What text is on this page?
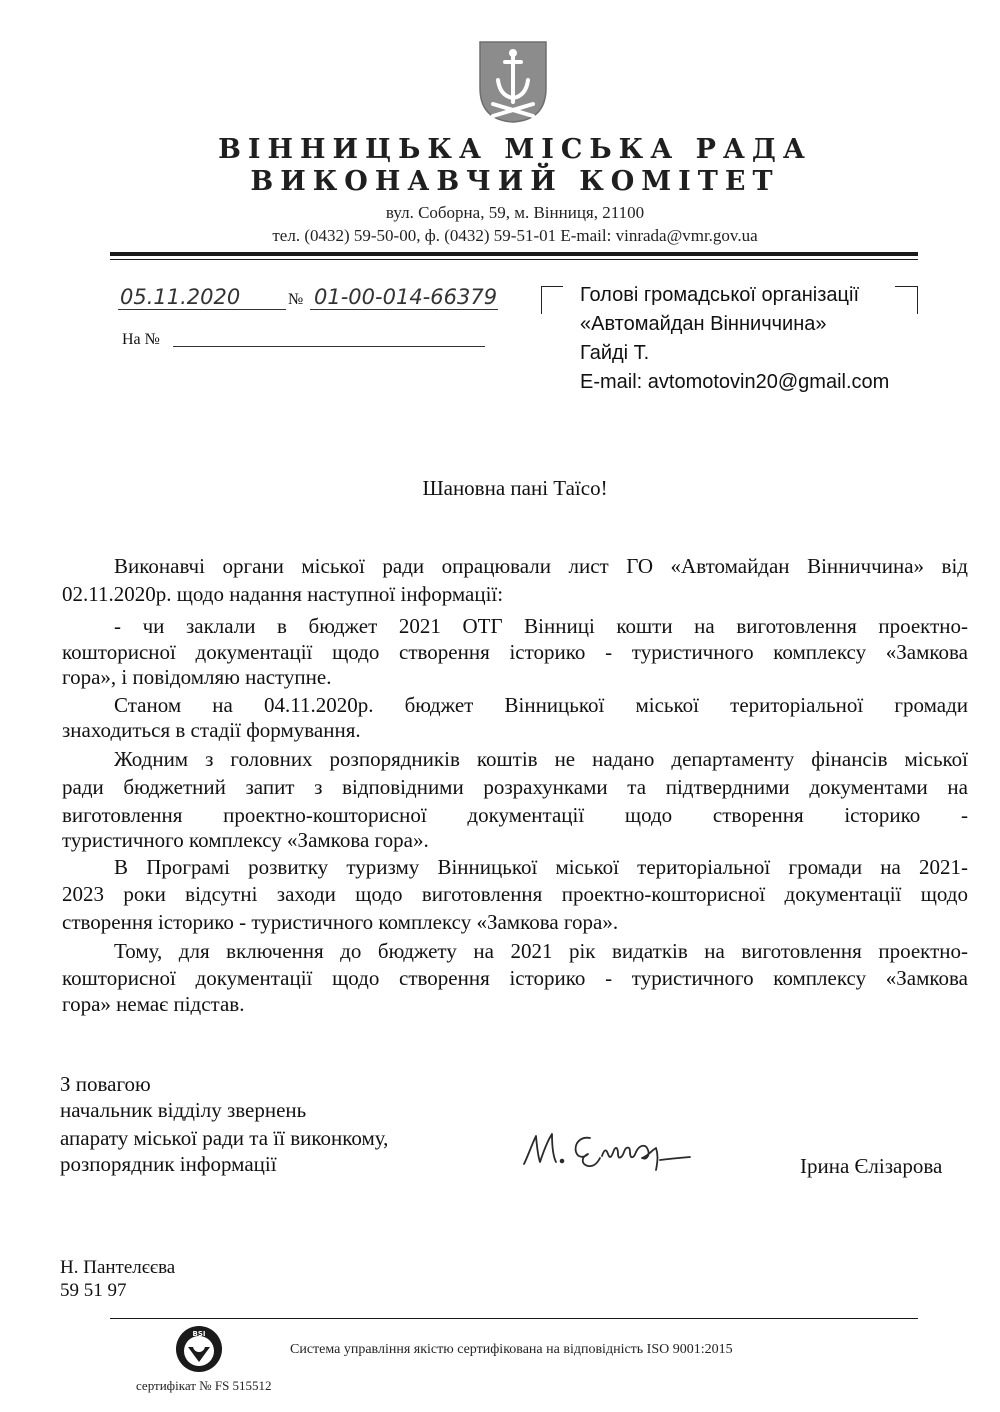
ВІННИЦЬКА МІСЬКА РАДА
ВИКОНАВЧИЙ КОМІТЕТ
вул. Соборна, 59, м. Вінниця, 21100
тел. (0432) 59-50-00, ф. (0432) 59-51-01 E-mail: vinrada@vmr.gov.ua
05.11.2020	№ 01-00-014-66379
На №
Голові громадської організації
«Автомайдан Вінниччина»
Гайді Т.
E-mail: avtomotovin20@gmail.com
Шановна пані Таїсо!
Виконавчі органи міської ради опрацювали лист ГО «Автомайдан Вінниччина» від
02.11.2020р. щодо надання наступної інформації:
- чи заклали в бюджет 2021 ОТГ Вінниці кошти на виготовлення проектно-
кошторисної документації щодо створення історико - туристичного комплексу «Замкова
гора», і повідомляю наступне.
Станом на 04.11.2020р. бюджет Вінницької міської територіальної громади
знаходиться в стадії формування.
Жодним з головних розпорядників коштів не надано департаменту фінансів міської
ради бюджетний запит з відповідними розрахунками та підтвердними документами на
виготовлення проектно-кошторисної документації щодо створення історико -
туристичного комплексу «Замкова гора».
В Програмі розвитку туризму Вінницької міської територіальної громади на 2021-
2023 роки відсутні заходи щодо виготовлення проектно-кошторисної документації щодо
створення історико - туристичного комплексу «Замкова гора».
Тому, для включення до бюджету на 2021 рік видатків на виготовлення проектно-
кошторисної документації щодо створення історико - туристичного комплексу «Замкова
гора» немає підстав.
З повагою
начальник відділу звернень
апарату міської ради та її виконкому,
розпорядник інформації	Ірина Єлізарова
Н. Пантелєєва
59 51 97
BSI
сертифікат № FS 515512
Система управління якістю сертифікована на відповідність ISO 9001:2015
